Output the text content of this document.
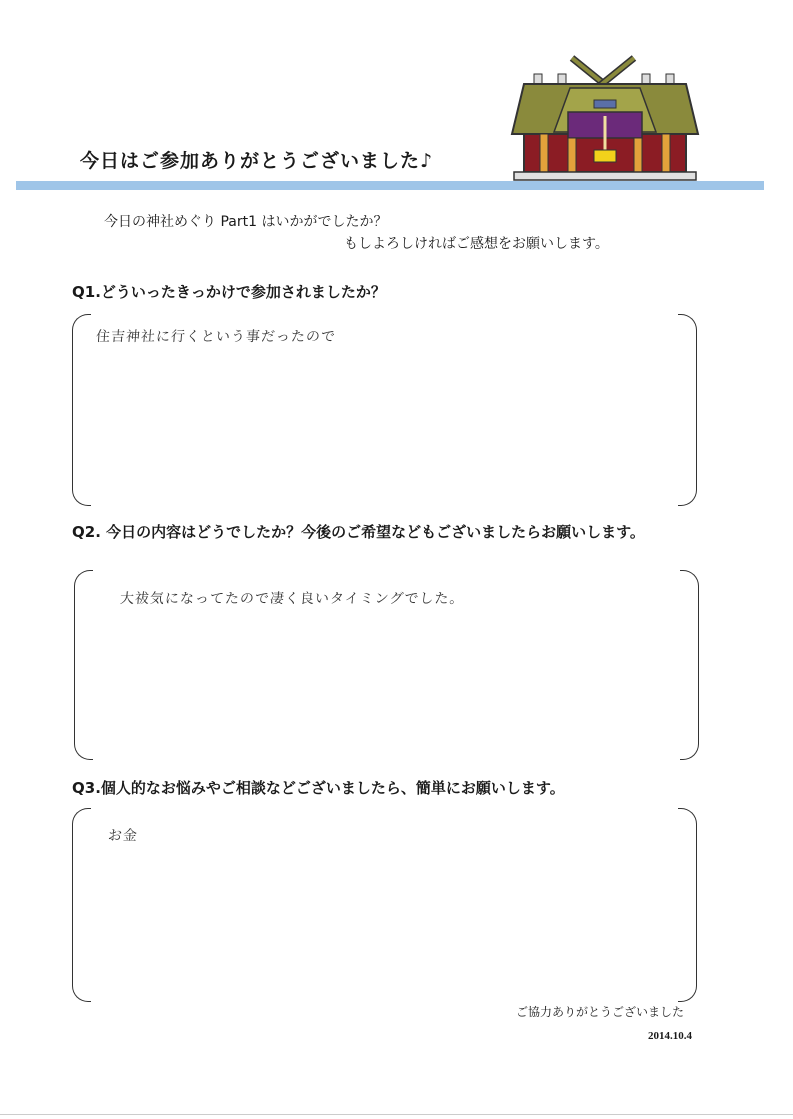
今日はご参加ありがとうございました♪
今日の神社めぐり Part1 はいかがでしたか？
もしよろしければご感想をお願いします。
Q1.どういったきっかけで参加されましたか？
住吉神社に行くという事だったので
Q2. 今日の内容はどうでしたか？今後のご希望などもございましたらお願いします。
大祓気になってたので凄く良いタイミングでした。
Q3.個人的なお悩みやご相談などございましたら、簡単にお願いします。
お金
ご協力ありがとうございました
2014.10.4
